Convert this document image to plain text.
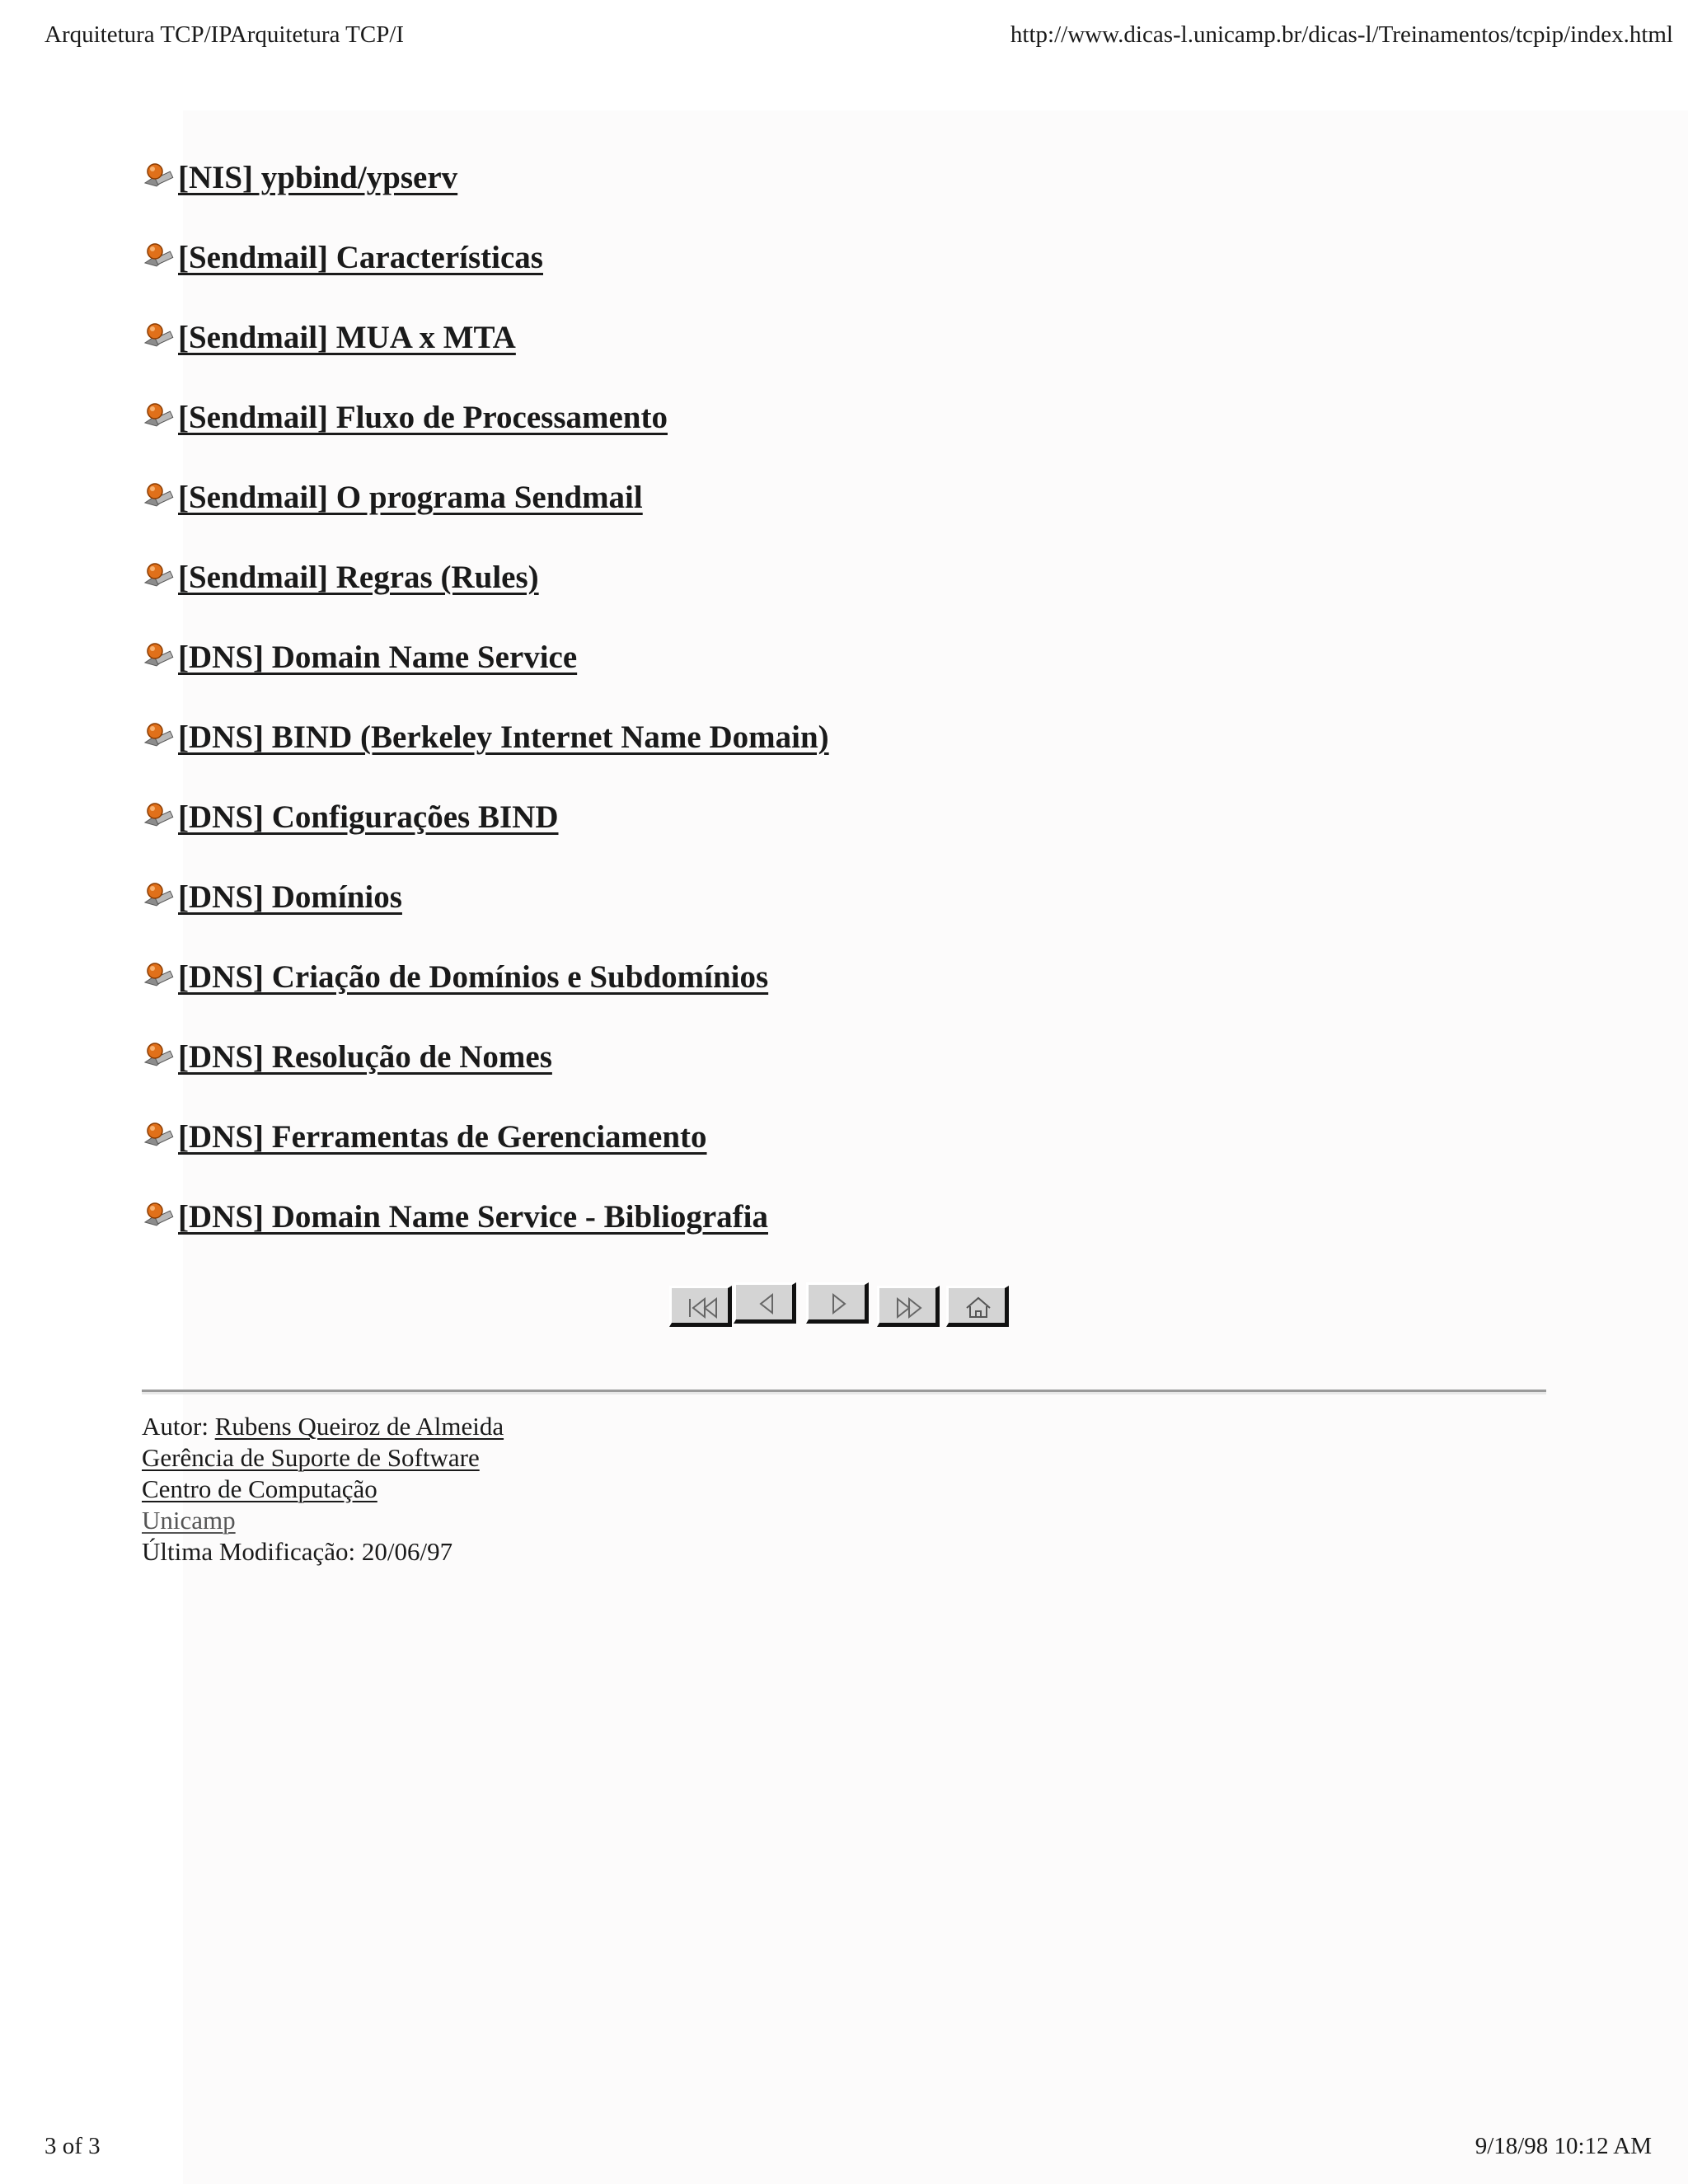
Arquitetura TCP/IPArquitetura TCP/I	http://www.dicas-l.unicamp.br/dicas-l/Treinamentos/tcpip/index.html
[NIS] ypbind/ypserv
[Sendmail] Características
[Sendmail] MUA x MTA
[Sendmail] Fluxo de Processamento
[Sendmail] O programa Sendmail
[Sendmail] Regras (Rules)
[DNS] Domain Name Service
[DNS] BIND (Berkeley Internet Name Domain)
[DNS] Configurações BIND
[DNS] Domínios
[DNS] Criação de Domínios e Subdomínios
[DNS] Resolução de Nomes
[DNS] Ferramentas de Gerenciamento
[DNS] Domain Name Service - Bibliografia
Autor: Rubens Queiroz de Almeida
Gerência de Suporte de Software
Centro de Computação
Unicamp
Última Modificação: 20/06/97
3 of 3	9/18/98 10:12 AM
